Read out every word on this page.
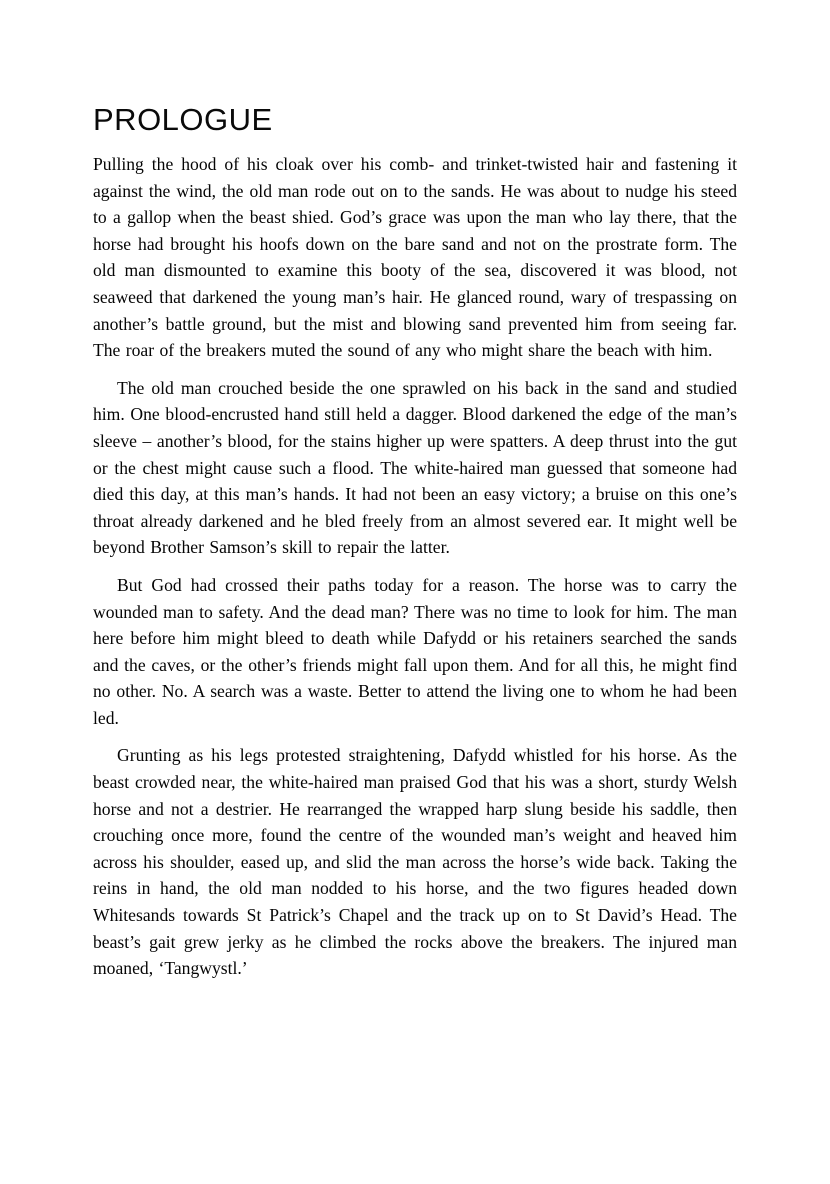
PROLOGUE

Pulling the hood of his cloak over his comb- and trinket-twisted hair and fastening it against the wind, the old man rode out on to the sands. He was about to nudge his steed to a gallop when the beast shied. God’s grace was upon the man who lay there, that the horse had brought his hoofs down on the bare sand and not on the prostrate form. The old man dismounted to examine this booty of the sea, discovered it was blood, not seaweed that darkened the young man’s hair. He glanced round, wary of trespassing on another’s battle ground, but the mist and blowing sand prevented him from seeing far. The roar of the breakers muted the sound of any who might share the beach with him.

The old man crouched beside the one sprawled on his back in the sand and studied him. One blood-encrusted hand still held a dagger. Blood darkened the edge of the man’s sleeve – another’s blood, for the stains higher up were spatters. A deep thrust into the gut or the chest might cause such a flood. The white-haired man guessed that someone had died this day, at this man’s hands. It had not been an easy victory; a bruise on this one’s throat already darkened and he bled freely from an almost severed ear. It might well be beyond Brother Samson’s skill to repair the latter.

But God had crossed their paths today for a reason. The horse was to carry the wounded man to safety. And the dead man? There was no time to look for him. The man here before him might bleed to death while Dafydd or his retainers searched the sands and the caves, or the other’s friends might fall upon them. And for all this, he might find no other. No. A search was a waste. Better to attend the living one to whom he had been led.

Grunting as his legs protested straightening, Dafydd whistled for his horse. As the beast crowded near, the white-haired man praised God that his was a short, sturdy Welsh horse and not a destrier. He rearranged the wrapped harp slung beside his saddle, then crouching once more, found the centre of the wounded man’s weight and heaved him across his shoulder, eased up, and slid the man across the horse’s wide back. Taking the reins in hand, the old man nodded to his horse, and the two figures headed down Whitesands towards St Patrick’s Chapel and the track up on to St David’s Head. The beast’s gait grew jerky as he climbed the rocks above the breakers. The injured man moaned, ‘Tangwystl.’
